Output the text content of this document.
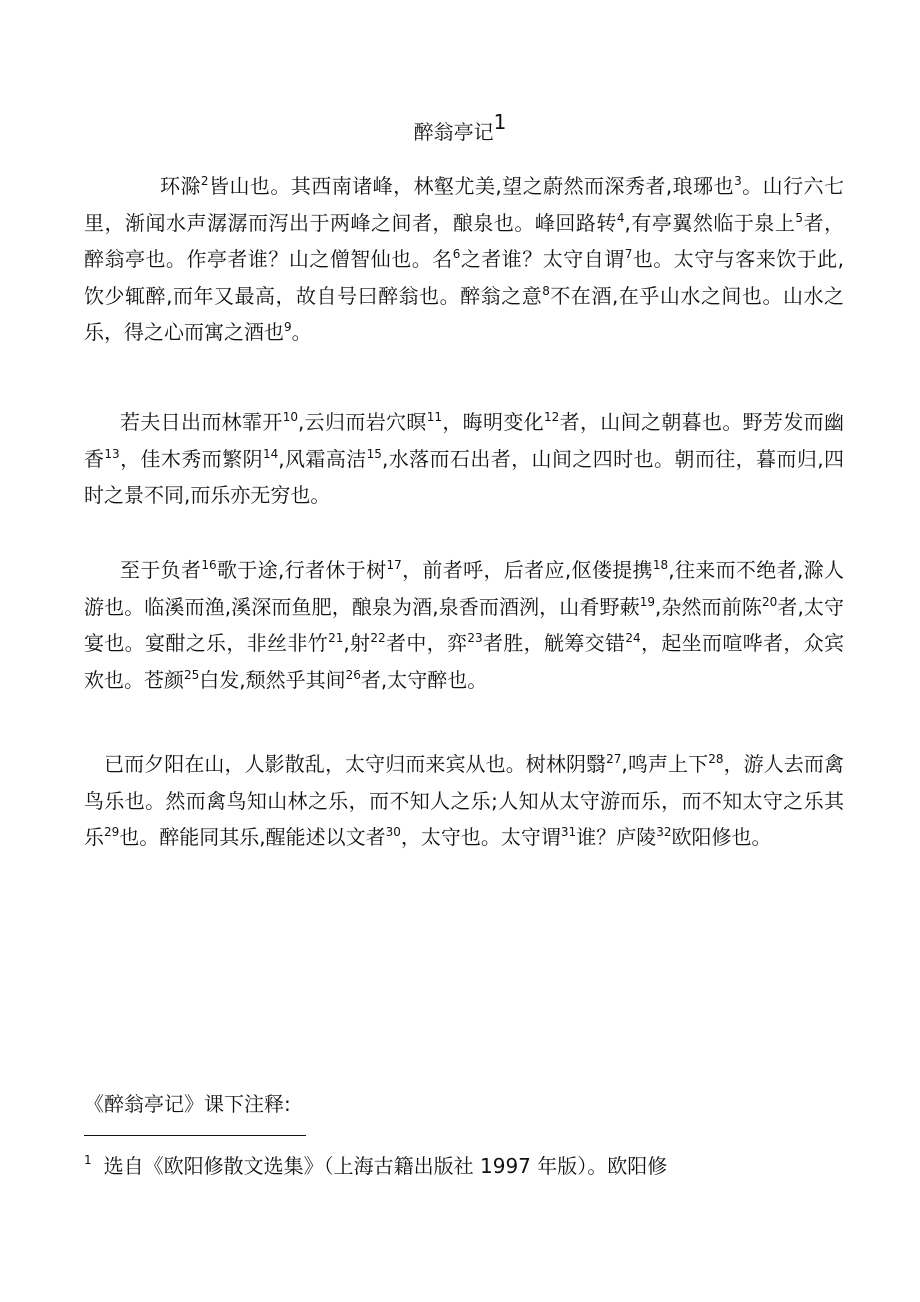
醉翁亭记$^1$

环滁$^2$皆山也。其西南诸峰，林壑尤美,望之蔚然而深秀者,琅琊也$^3$。山行六七里，渐闻水声潺潺而泻出于两峰之间者，酿泉也。峰回路转$^4$,有亭翼然临于泉上$^5$者，醉翁亭也。作亭者谁？山之僧智仙也。名$^6$之者谁？太守自谓$^7$也。太守与客来饮于此,饮少辄醉,而年又最高，故自号曰醉翁也。醉翁之意$^8$不在酒,在乎山水之间也。山水之乐，得之心而寓之酒也$^9$。

若夫日出而林霏开$^{10}$,云归而岩穴暝$^{11}$，晦明变化$^{12}$者，山间之朝暮也。野芳发而幽香$^{13}$，佳木秀而繁阴$^{14}$,风霜高洁$^{15}$,水落而石出者，山间之四时也。朝而往，暮而归,四时之景不同,而乐亦无穷也。

至于负者$^{16}$歌于途,行者休于树$^{17}$，前者呼，后者应,伛偻提携$^{18}$,往来而不绝者,滁人游也。临溪而渔,溪深而鱼肥，酿泉为酒,泉香而酒洌，山肴野蔌$^{19}$,杂然而前陈$^{20}$者,太守宴也。宴酣之乐，非丝非竹$^{21}$,射$^{22}$者中，弈$^{23}$者胜，觥筹交错$^{24}$，起坐而喧哗者，众宾欢也。苍颜$^{25}$白发,颓然乎其间$^{26}$者,太守醉也。

已而夕阳在山，人影散乱，太守归而来宾从也。树林阴翳$^{27}$,鸣声上下$^{28}$，游人去而禽鸟乐也。然而禽鸟知山林之乐，而不知人之乐;人知从太守游而乐，而不知太守之乐其乐$^{29}$也。醉能同其乐,醒能述以文者$^{30}$，太守也。太守谓$^{31}$谁？庐陵$^{32}$欧阳修也。

《醉翁亭记》课下注释:
$^1$ 选自《欧阳修散文选集》（上海古籍出版社 1997 年版）。欧阳修
